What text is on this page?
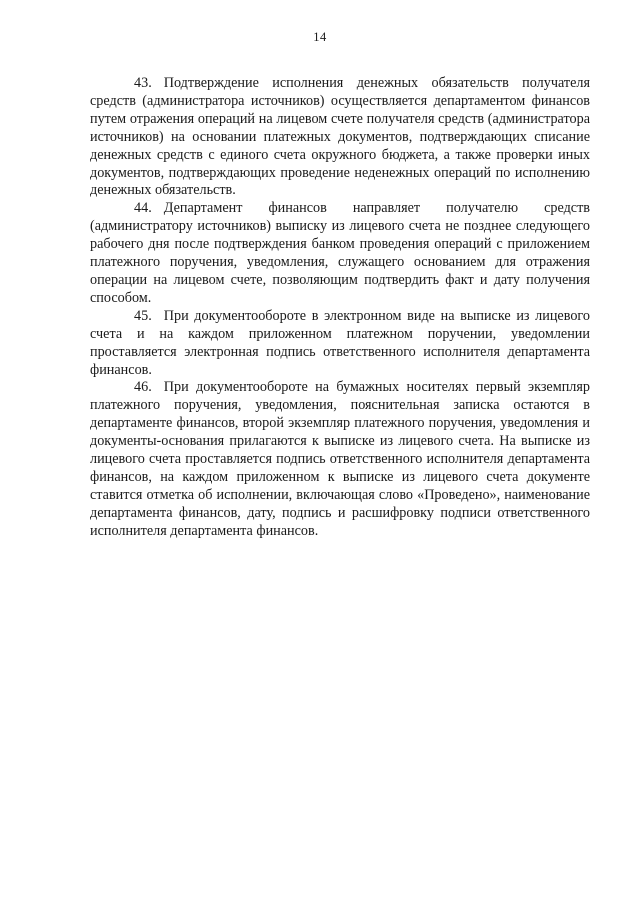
14

43. Подтверждение исполнения денежных обязательств получателя средств (администратора источников) осуществляется департаментом финансов путем отражения операций на лицевом счете получателя средств (администратора источников) на основании платежных документов, подтверждающих списание денежных средств с единого счета окружного бюджета, а также проверки иных документов, подтверждающих проведение неденежных операций по исполнению денежных обязательств.

44. Департамент финансов направляет получателю средств (администратору источников) выписку из лицевого счета не позднее следующего рабочего дня после подтверждения банком проведения операций с приложением платежного поручения, уведомления, служащего основанием для отражения операции на лицевом счете, позволяющим подтвердить факт и дату получения способом.

45. При документообороте в электронном виде на выписке из лицевого счета и на каждом приложенном платежном поручении, уведомлении проставляется электронная подпись ответственного исполнителя департамента финансов.

46. При документообороте на бумажных носителях первый экземпляр платежного поручения, уведомления, пояснительная записка остаются в департаменте финансов, второй экземпляр платежного поручения, уведомления и документы-основания прилагаются к выписке из лицевого счета. На выписке из лицевого счета проставляется подпись ответственного исполнителя департамента финансов, на каждом приложенном к выписке из лицевого счета документе ставится отметка об исполнении, включающая слово «Проведено», наименование департамента финансов, дату, подпись и расшифровку подписи ответственного исполнителя департамента финансов.
